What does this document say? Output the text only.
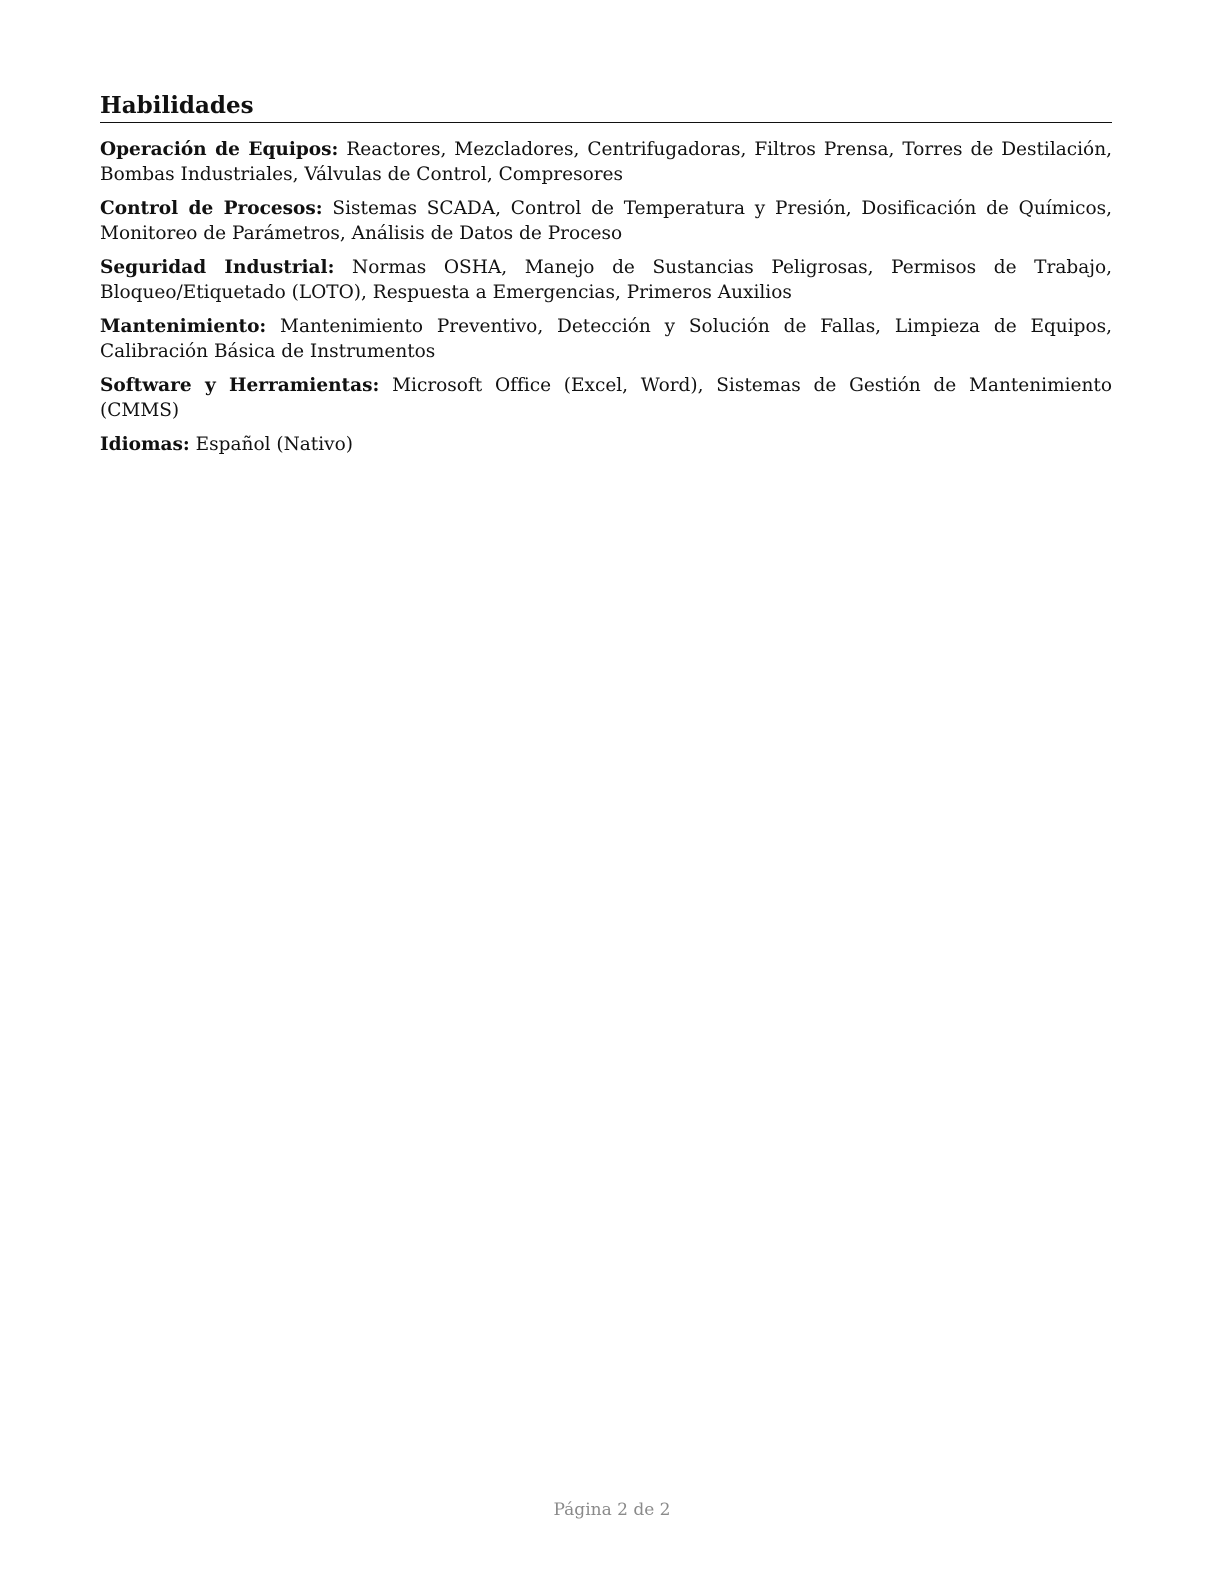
Habilidades

Operación de Equipos: Reactores, Mezcladores, Centrifugadoras, Filtros Prensa, Torres de Destilación, Bombas Industriales, Válvulas de Control, Compresores

Control de Procesos: Sistemas SCADA, Control de Temperatura y Presión, Dosificación de Químicos, Monitoreo de Parámetros, Análisis de Datos de Proceso

Seguridad Industrial: Normas OSHA, Manejo de Sustancias Peligrosas, Permisos de Trabajo, Bloqueo/Etiquetado (LOTO), Respuesta a Emergencias, Primeros Auxilios

Mantenimiento: Mantenimiento Preventivo, Detección y Solución de Fallas, Limpieza de Equipos, Calibración Básica de Instrumentos

Software y Herramientas: Microsoft Office (Excel, Word), Sistemas de Gestión de Mantenimiento (CMMS)

Idiomas: Español (Nativo)

Página 2 de 2
